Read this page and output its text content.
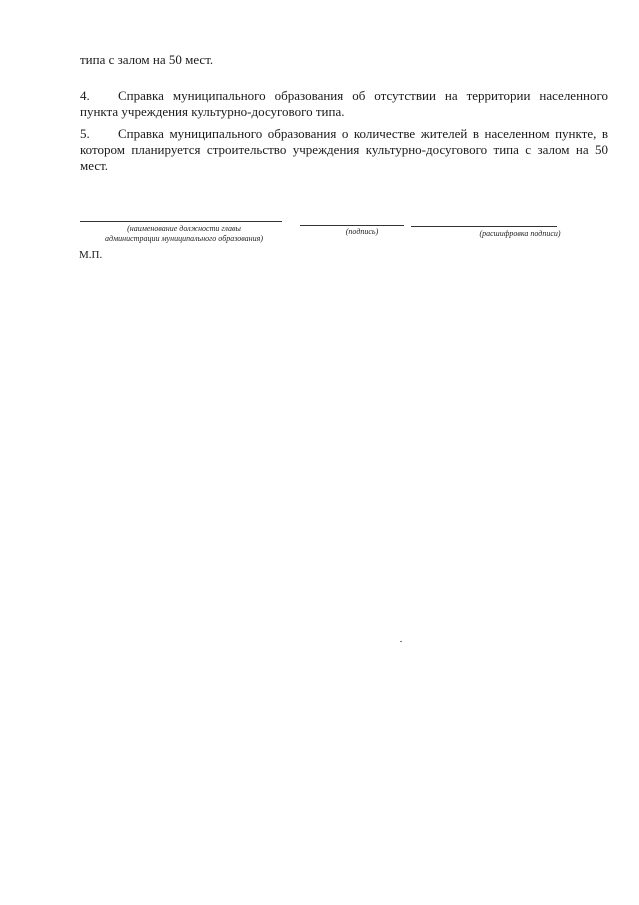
типа с залом на 50 мест.

4. Справка муниципального образования об отсутствии на территории населенного пункта учреждения культурно-досугового типа.

5. Справка муниципального образования о количестве жителей в населенном пункте, в котором планируется строительство учреждения культурно-досугового типа с залом на 50 мест.

(наименование должности главы
администрации муниципального образования)
(подпись)	(расшифровка подписи)
М.П.
